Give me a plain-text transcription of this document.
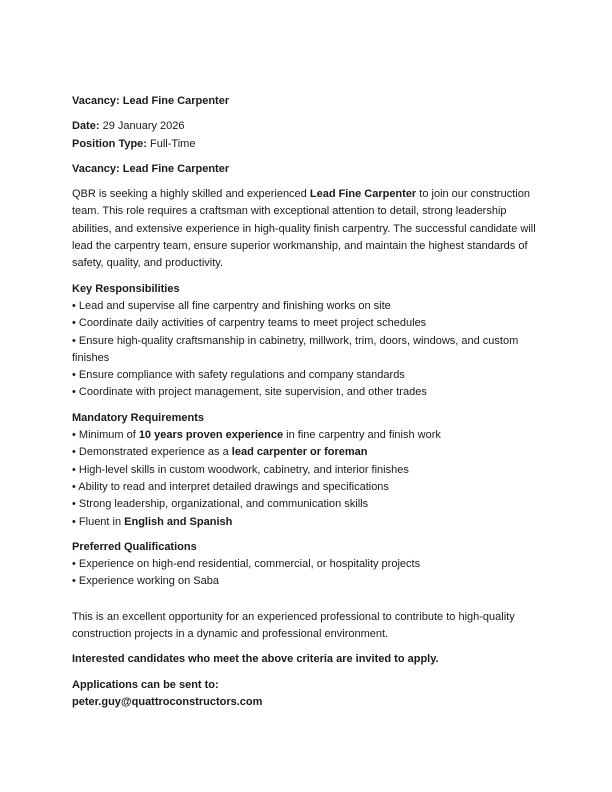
Vacancy: Lead Fine Carpenter

Date: 29 January 2026

Position Type: Full-Time

Vacancy: Lead Fine Carpenter

QBR is seeking a highly skilled and experienced Lead Fine Carpenter to join our construction team. This role requires a craftsman with exceptional attention to detail, strong leadership abilities, and extensive experience in high-quality finish carpentry. The successful candidate will lead the carpentry team, ensure superior workmanship, and maintain the highest standards of safety, quality, and productivity.

Key Responsibilities

• Lead and supervise all fine carpentry and finishing works on site

• Coordinate daily activities of carpentry teams to meet project schedules

• Ensure high-quality craftsmanship in cabinetry, millwork, trim, doors, windows, and custom finishes

• Ensure compliance with safety regulations and company standards

• Coordinate with project management, site supervision, and other trades

Mandatory Requirements

• Minimum of 10 years proven experience in fine carpentry and finish work

• Demonstrated experience as a lead carpenter or foreman

• High-level skills in custom woodwork, cabinetry, and interior finishes

• Ability to read and interpret detailed drawings and specifications

• Strong leadership, organizational, and communication skills

• Fluent in English and Spanish

Preferred Qualifications

• Experience on high-end residential, commercial, or hospitality projects

• Experience working on Saba

This is an excellent opportunity for an experienced professional to contribute to high-quality construction projects in a dynamic and professional environment.

Interested candidates who meet the above criteria are invited to apply.

Applications can be sent to:

peter.guy@quattroconstructors.com
